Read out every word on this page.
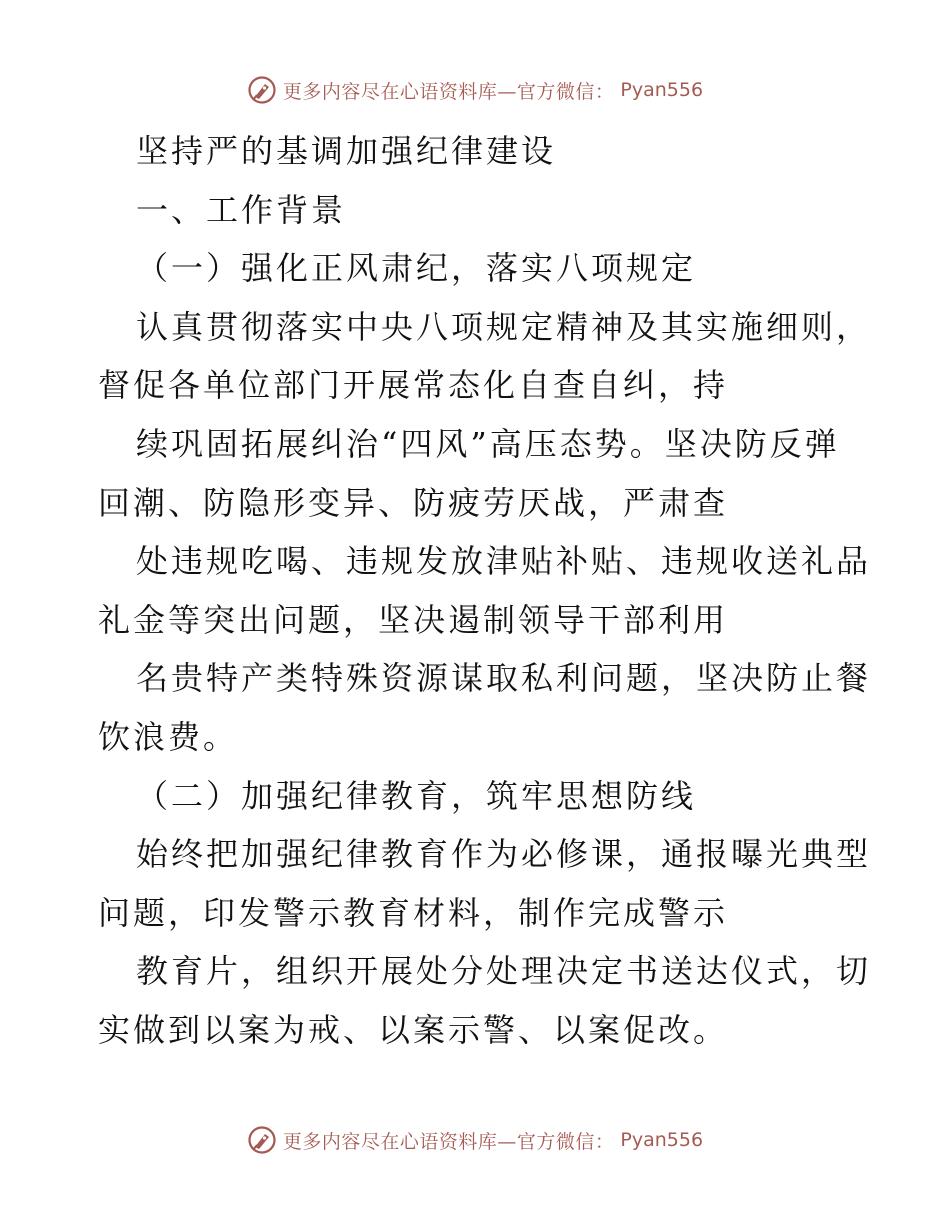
更多内容尽在心语资料库—官方微信： Pyan556
坚持严的基调加强纪律建设
一、工作背景
（一）强化正风肃纪，落实八项规定
认真贯彻落实中央八项规定精神及其实施细则，
督促各单位部门开展常态化自查自纠，持
续巩固拓展纠治“四风”高压态势。坚决防反弹
回潮、防隐形变异、防疲劳厌战，严肃查
处违规吃喝、违规发放津贴补贴、违规收送礼品
礼金等突出问题，坚决遏制领导干部利用
名贵特产类特殊资源谋取私利问题，坚决防止餐
饮浪费。
（二）加强纪律教育，筑牢思想防线
始终把加强纪律教育作为必修课，通报曝光典型
问题，印发警示教育材料，制作完成警示
教育片，组织开展处分处理决定书送达仪式，切
实做到以案为戒、以案示警、以案促改。
更多内容尽在心语资料库—官方微信： Pyan556
